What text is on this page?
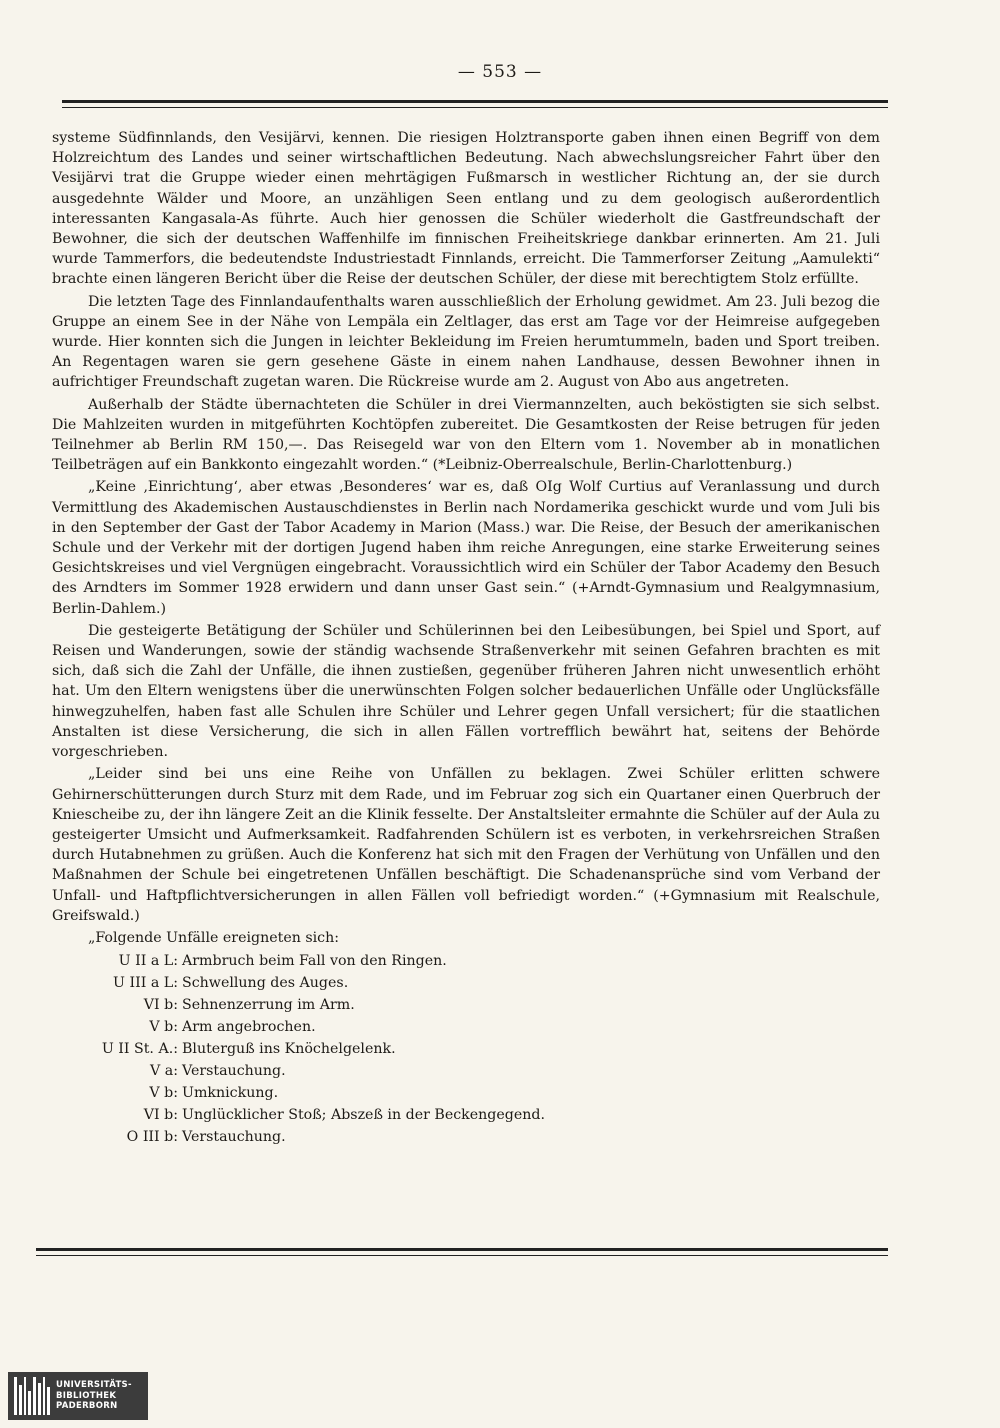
— 553 —

systeme Südfinnlands, den Vesijärvi, kennen. Die riesigen Holztransporte gaben ihnen einen Begriff von dem Holzreichtum des Landes und seiner wirtschaftlichen Bedeutung. Nach abwechslungsreicher Fahrt über den Vesijärvi trat die Gruppe wieder einen mehrtägigen Fußmarsch in westlicher Richtung an, der sie durch ausgedehnte Wälder und Moore, an unzähligen Seen entlang und zu dem geologisch außerordentlich interessanten Kangasala-As führte. Auch hier genossen die Schüler wiederholt die Gastfreundschaft der Bewohner, die sich der deutschen Waffenhilfe im finnischen Freiheitskriege dankbar erinnerten. Am 21. Juli wurde Tammerfors, die bedeutendste Industriestadt Finnlands, erreicht. Die Tammerforser Zeitung „Aamulekti“ brachte einen längeren Bericht über die Reise der deutschen Schüler, der diese mit berechtigtem Stolz erfüllte.

Die letzten Tage des Finnlandaufenthalts waren ausschließlich der Erholung gewidmet. Am 23. Juli bezog die Gruppe an einem See in der Nähe von Lempäla ein Zeltlager, das erst am Tage vor der Heimreise aufgegeben wurde. Hier konnten sich die Jungen in leichter Bekleidung im Freien herumtummeln, baden und Sport treiben. An Regentagen waren sie gern gesehene Gäste in einem nahen Landhause, dessen Bewohner ihnen in aufrichtiger Freundschaft zugetan waren. Die Rückreise wurde am 2. August von Abo aus angetreten.

Außerhalb der Städte übernachteten die Schüler in drei Viermannzelten, auch beköstigten sie sich selbst. Die Mahlzeiten wurden in mitgeführten Kochtöpfen zubereitet. Die Gesamtkosten der Reise betrugen für jeden Teilnehmer ab Berlin RM 150,—. Das Reisegeld war von den Eltern vom 1. November ab in monatlichen Teilbeträgen auf ein Bankkonto eingezahlt worden.“ (*Leibniz-Oberrealschule, Berlin-Charlottenburg.)

„Keine ‚Einrichtung‘, aber etwas ‚Besonderes‘ war es, daß OIg Wolf Curtius auf Veranlassung und durch Vermittlung des Akademischen Austauschdienstes in Berlin nach Nordamerika geschickt wurde und vom Juli bis in den September der Gast der Tabor Academy in Marion (Mass.) war. Die Reise, der Besuch der amerikanischen Schule und der Verkehr mit der dortigen Jugend haben ihm reiche Anregungen, eine starke Erweiterung seines Gesichtskreises und viel Vergnügen eingebracht. Voraussichtlich wird ein Schüler der Tabor Academy den Besuch des Arndters im Sommer 1928 erwidern und dann unser Gast sein.“ (+Arndt-Gymnasium und Realgymnasium, Berlin-Dahlem.)

Die gesteigerte Betätigung der Schüler und Schülerinnen bei den Leibesübungen, bei Spiel und Sport, auf Reisen und Wanderungen, sowie der ständig wachsende Straßenverkehr mit seinen Gefahren brachten es mit sich, daß sich die Zahl der Unfälle, die ihnen zustießen, gegenüber früheren Jahren nicht unwesentlich erhöht hat. Um den Eltern wenigstens über die unerwünschten Folgen solcher bedauerlichen Unfälle oder Unglücksfälle hinwegzuhelfen, haben fast alle Schulen ihre Schüler und Lehrer gegen Unfall versichert; für die staatlichen Anstalten ist diese Versicherung, die sich in allen Fällen vortrefflich bewährt hat, seitens der Behörde vorgeschrieben.

„Leider sind bei uns eine Reihe von Unfällen zu beklagen. Zwei Schüler erlitten schwere Gehirnerschütterungen durch Sturz mit dem Rade, und im Februar zog sich ein Quartaner einen Querbruch der Kniescheibe zu, der ihn längere Zeit an die Klinik fesselte. Der Anstaltsleiter ermahnte die Schüler auf der Aula zu gesteigerter Umsicht und Aufmerksamkeit. Radfahrenden Schülern ist es verboten, in verkehrsreichen Straßen durch Hutabnehmen zu grüßen. Auch die Konferenz hat sich mit den Fragen der Verhütung von Unfällen und den Maßnahmen der Schule bei eingetretenen Unfällen beschäftigt. Die Schadenansprüche sind vom Verband der Unfall- und Haftpflichtversicherungen in allen Fällen voll befriedigt worden.“ (+Gymnasium mit Realschule, Greifswald.)

„Folgende Unfälle ereigneten sich:

U II a L: Armbruch beim Fall von den Ringen.
U III a L: Schwellung des Auges.
VI b: Sehnenzerrung im Arm.
V b: Arm angebrochen.
U II St. A.: Bluterguß ins Knöchelgelenk.
V a: Verstauchung.
V b: Umknickung.
VI b: Unglücklicher Stoß; Abszeß in der Beckengegend.
O III b: Verstauchung.
UNIVERSITÄTS-
BIBLIOTHEK
PADERBORN
